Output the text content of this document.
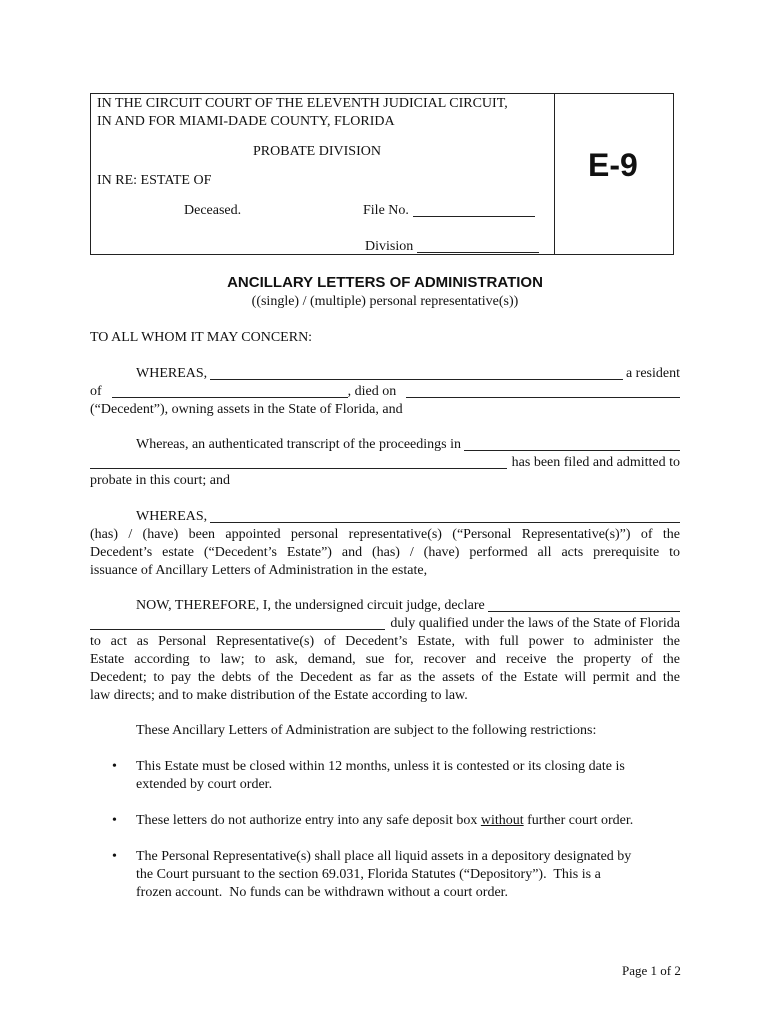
IN THE CIRCUIT COURT OF THE ELEVENTH JUDICIAL CIRCUIT,
IN AND FOR MIAMI-DADE COUNTY, FLORIDA
PROBATE DIVISION
IN RE: ESTATE OF
Deceased.	File No.
Division
E-9
ANCILLARY LETTERS OF ADMINISTRATION
((single) / (multiple) personal representative(s))
TO ALL WHOM IT MAY CONCERN:
WHEREAS,	a resident
of	, died on
(“Decedent”), owning assets in the State of Florida, and
Whereas, an authenticated transcript of the proceedings in
has been filed and admitted to
probate in this court; and
WHEREAS,
(has) / (have) been appointed personal representative(s) (“Personal Representative(s)”) of the
Decedent’s estate (“Decedent’s Estate”) and (has) / (have) performed all acts prerequisite to
issuance of Ancillary Letters of Administration in the estate,
NOW, THEREFORE, I, the undersigned circuit judge, declare
duly qualified under the laws of the State of Florida
to act as Personal Representative(s) of Decedent’s Estate, with full power to administer the
Estate according to law; to ask, demand, sue for, recover and receive the property of the
Decedent; to pay the debts of the Decedent as far as the assets of the Estate will permit and the
law directs; and to make distribution of the Estate according to law.
These Ancillary Letters of Administration are subject to the following restrictions:
• This Estate must be closed within 12 months, unless it is contested or its closing date is
extended by court order.
• These letters do not authorize entry into any safe deposit box without further court order.
• The Personal Representative(s) shall place all liquid assets in a depository designated by
the Court pursuant to the section 69.031, Florida Statutes (“Depository”).  This is a
frozen account.  No funds can be withdrawn without a court order.
Page 1 of 2
